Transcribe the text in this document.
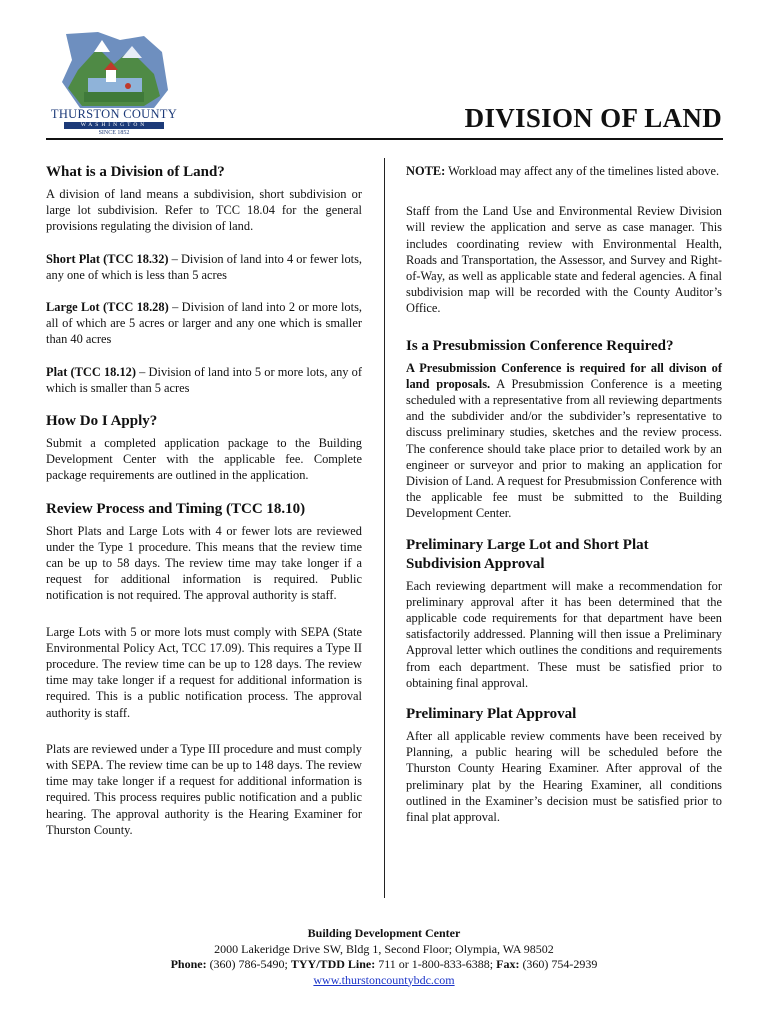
THURSTON COUNTY
WASHINGTON
SINCE 1852	DIVISION OF LAND
What is a Division of Land?

A division of land means a subdivision, short subdivision or large lot subdivision. Refer to TCC 18.04 for the general provisions regulating the division of land.

Short Plat (TCC 18.32) – Division of land into 4 or fewer lots, any one of which is less than 5 acres

Large Lot (TCC 18.28) – Division of land into 2 or more lots, all of which are 5 acres or larger and any one which is smaller than 40 acres

Plat (TCC 18.12) – Division of land into 5 or more lots, any of which is smaller than 5 acres

How Do I Apply?

Submit a completed application package to the Building Development Center with the applicable fee. Complete package requirements are outlined in the application.

Review Process and Timing (TCC 18.10)

Short Plats and Large Lots with 4 or fewer lots are reviewed under the Type 1 procedure. This means that the review time can be up to 58 days. The review time may take longer if a request for additional information is required. Public notification is not required. The approval authority is staff.

Large Lots with 5 or more lots must comply with SEPA (State Environmental Policy Act, TCC 17.09). This requires a Type II procedure. The review time can be up to 128 days. The review time may take longer if a request for additional information is required. This is a public notification process. The approval authority is staff.

Plats are reviewed under a Type III procedure and must comply with SEPA. The review time can be up to 148 days. The review time may take longer if a request for additional information is required. This process requires public notification and a public hearing. The approval authority is the Hearing Examiner for Thurston County.

NOTE: Workload may affect any of the timelines listed above.

Staff from the Land Use and Environmental Review Division will review the application and serve as case manager. This includes coordinating review with Environmental Health, Roads and Transportation, the Assessor, and Survey and Right-of-Way, as well as applicable state and federal agencies. A final subdivision map will be recorded with the County Auditor’s Office.

Is a Presubmission Conference Required?

A Presubmission Conference is required for all divison of land proposals. A Presubmission Conference is a meeting scheduled with a representative from all reviewing departments and the subdivider and/or the subdivider’s representative to discuss preliminary studies, sketches and the review process. The conference should take place prior to detailed work by an engineer or surveyor and prior to making an application for Division of Land. A request for Presubmission Conference with the applicable fee must be submitted to the Building Development Center.

Preliminary Large Lot and Short Plat Subdivision Approval

Each reviewing department will make a recommendation for preliminary approval after it has been determined that the applicable code requirements for that department have been satisfactorily addressed. Planning will then issue a Preliminary Approval letter which outlines the conditions and requirements from each department. These must be satisfied prior to obtaining final approval.

Preliminary Plat Approval

After all applicable review comments have been received by Planning, a public hearing will be scheduled before the Thurston County Hearing Examiner. After approval of the preliminary plat by the Hearing Examiner, all conditions outlined in the Examiner’s decision must be satisfied prior to final plat approval.

Building Development Center
2000 Lakeridge Drive SW, Bldg 1, Second Floor; Olympia, WA 98502
Phone: (360) 786-5490; TYY/TDD Line: 711 or 1-800-833-6388; Fax: (360) 754-2939
www.thurstoncountybdc.com
